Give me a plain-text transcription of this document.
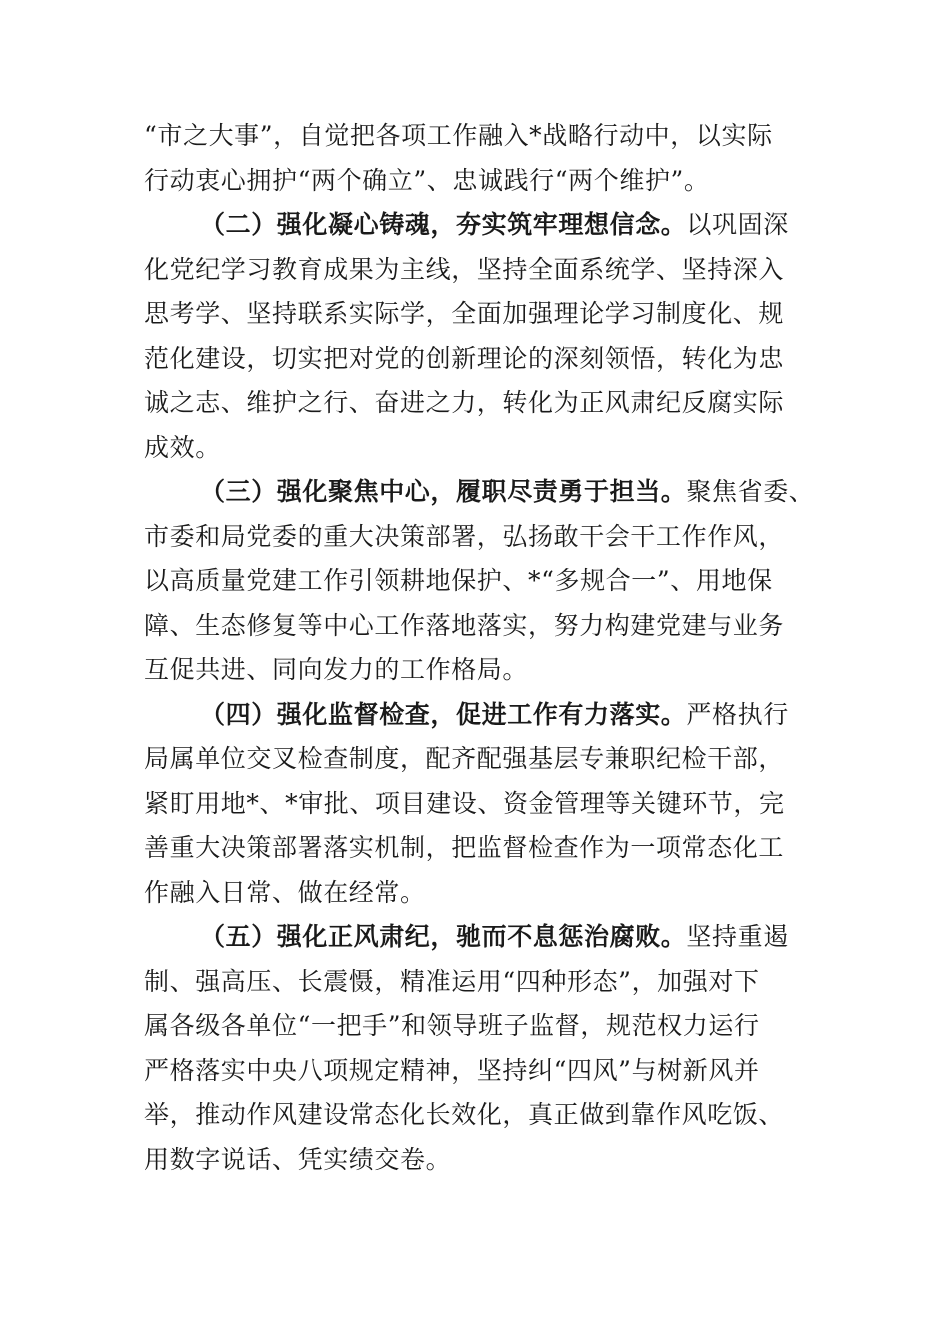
“市之大事”，自觉把各项工作融入*战略行动中，以实际
行动衷心拥护“两个确立”、忠诚践行“两个维护”。
（二）强化凝心铸魂，夯实筑牢理想信念。以巩固深
化党纪学习教育成果为主线，坚持全面系统学、坚持深入
思考学、坚持联系实际学，全面加强理论学习制度化、规
范化建设，切实把对党的创新理论的深刻领悟，转化为忠
诚之志、维护之行、奋进之力，转化为正风肃纪反腐实际
成效。
（三）强化聚焦中心，履职尽责勇于担当。聚焦省委、
市委和局党委的重大决策部署，弘扬敢干会干工作作风，
以高质量党建工作引领耕地保护、*“多规合一”、用地保
障、生态修复等中心工作落地落实，努力构建党建与业务
互促共进、同向发力的工作格局。
（四）强化监督检查，促进工作有力落实。严格执行
局属单位交叉检查制度，配齐配强基层专兼职纪检干部，
紧盯用地*、*审批、项目建设、资金管理等关键环节，完
善重大决策部署落实机制，把监督检查作为一项常态化工
作融入日常、做在经常。
（五）强化正风肃纪，驰而不息惩治腐败。坚持重遏
制、强高压、长震慑，精准运用“四种形态”，加强对下
属各级各单位“一把手”和领导班子监督，规范权力运行
严格落实中央八项规定精神，坚持纠“四风”与树新风并
举，推动作风建设常态化长效化，真正做到靠作风吃饭、
用数字说话、凭实绩交卷。
